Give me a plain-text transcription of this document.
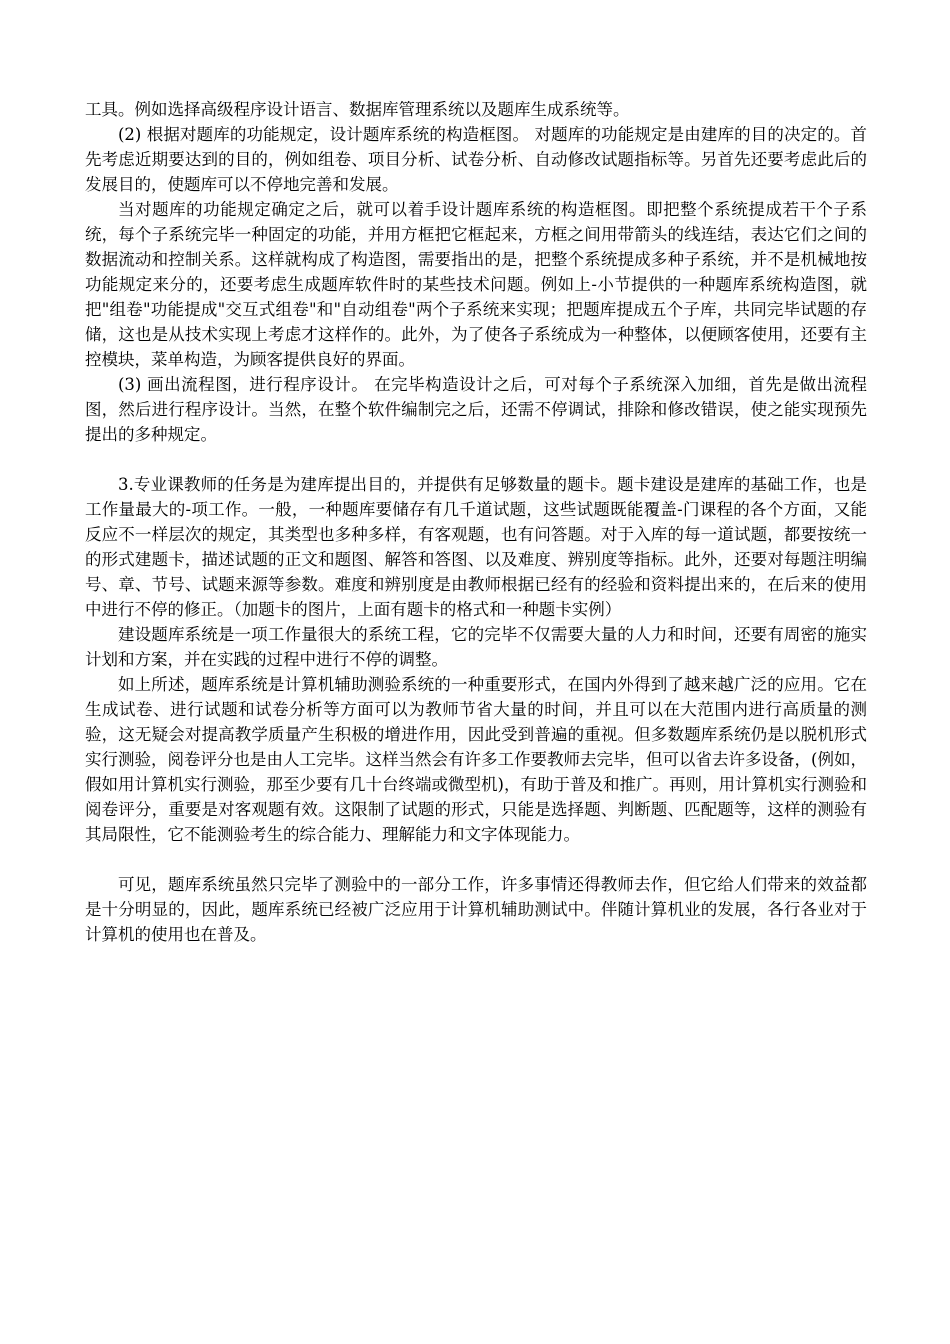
工具。例如选择高级程序设计语言、数据库管理系统以及题库生成系统等。

(2) 根据对题库的功能规定，设计题库系统的构造框图。 对题库的功能规定是由建库的目的决定的。首先考虑近期要达到的目的，例如组卷、项目分析、试卷分析、自动修改试题指标等。另首先还要考虑此后的发展目的，使题库可以不停地完善和发展。

当对题库的功能规定确定之后，就可以着手设计题库系统的构造框图。即把整个系统提成若干个子系统，每个子系统完毕一种固定的功能，并用方框把它框起来，方框之间用带箭头的线连结，表达它们之间的数据流动和控制关系。这样就构成了构造图，需要指出的是，把整个系统提成多种子系统，并不是机械地按功能规定来分的，还要考虑生成题库软件时的某些技术问题。例如上-小节提供的一种题库系统构造图，就把"组卷"功能提成"交互式组卷"和"自动组卷"两个子系统来实现；把题库提成五个子库，共同完毕试题的存储，这也是从技术实现上考虑才这样作的。此外，为了使各子系统成为一种整体，以便顾客使用，还要有主控模块，菜单构造，为顾客提供良好的界面。

(3) 画出流程图，进行程序设计。 在完毕构造设计之后，可对每个子系统深入加细，首先是做出流程图，然后进行程序设计。当然，在整个软件编制完之后，还需不停调试，排除和修改错误，使之能实现预先提出的多种规定。

3.专业课教师的任务是为建库提出目的，并提供有足够数量的题卡。题卡建设是建库的基础工作，也是工作量最大的-项工作。一般，一种题库要储存有几千道试题，这些试题既能覆盖-门课程的各个方面，又能反应不一样层次的规定，其类型也多种多样，有客观题，也有问答题。对于入库的每一道试题，都要按统一的形式建题卡，描述试题的正文和题图、解答和答图、以及难度、辨别度等指标。此外，还要对每题注明编号、章、节号、试题来源等参数。难度和辨别度是由教师根据已经有的经验和资料提出来的，在后来的使用中进行不停的修正。（加题卡的图片，上面有题卡的格式和一种题卡实例）

建设题库系统是一项工作量很大的系统工程，它的完毕不仅需要大量的人力和时间，还要有周密的施实计划和方案，并在实践的过程中进行不停的调整。

如上所述，题库系统是计算机辅助测验系统的一种重要形式，在国内外得到了越来越广泛的应用。它在生成试卷、进行试题和试卷分析等方面可以为教师节省大量的时间，并且可以在大范围内进行高质量的测验，这无疑会对提高教学质量产生积极的增进作用，因此受到普遍的重视。但多数题库系统仍是以脱机形式实行测验，阅卷评分也是由人工完毕。这样当然会有许多工作要教师去完毕，但可以省去许多设备，(例如，假如用计算机实行测验，那至少要有几十台终端或微型机)，有助于普及和推广。再则，用计算机实行测验和阅卷评分，重要是对客观题有效。这限制了试题的形式，只能是选择题、判断题、匹配题等，这样的测验有其局限性，它不能测验考生的综合能力、理解能力和文字体现能力。

可见，题库系统虽然只完毕了测验中的一部分工作，许多事情还得教师去作，但它给人们带来的效益都是十分明显的，因此，题库系统已经被广泛应用于计算机辅助测试中。伴随计算机业的发展，各行各业对于计算机的使用也在普及。
